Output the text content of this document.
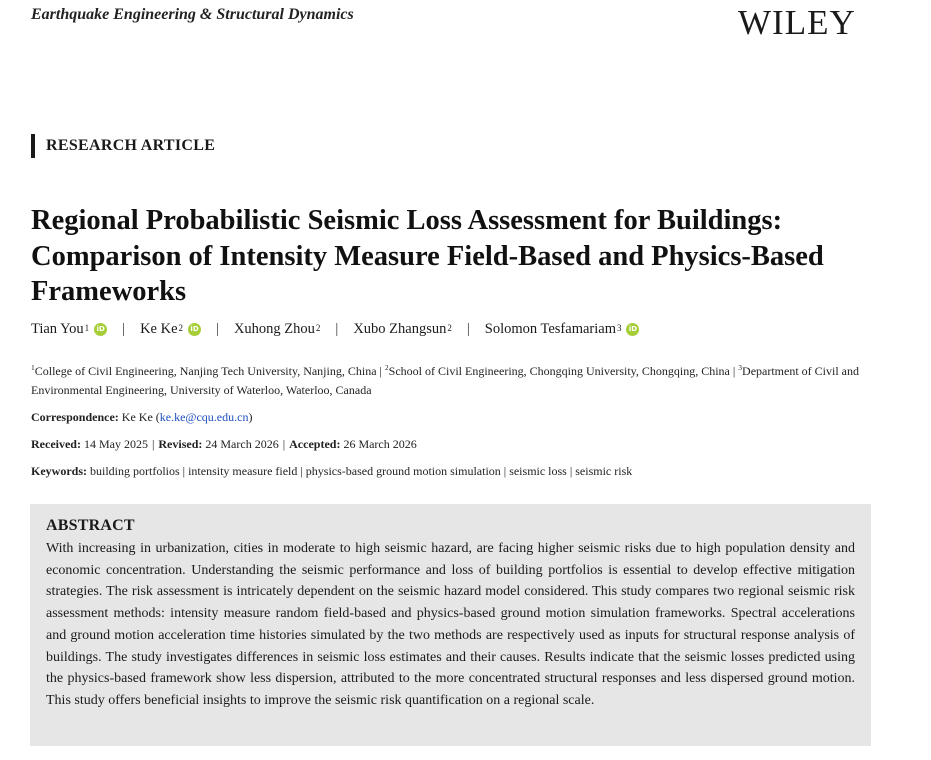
Earthquake Engineering & Structural Dynamics	WILEY
RESEARCH ARTICLE
Regional Probabilistic Seismic Loss Assessment for Buildings: Comparison of Intensity Measure Field-Based and Physics-Based Frameworks
Tian You$^1$	iD | Ke Ke$^2$	iD | Xuhong Zhou$^2$ | Xubo Zhangsun$^2$ | Solomon Tesfamariam$^3$	iD
$^1$College of Civil Engineering, Nanjing Tech University, Nanjing, China | $^2$School of Civil Engineering, Chongqing University, Chongqing, China | $^3$Department of Civil and Environmental Engineering, University of Waterloo, Waterloo, Canada
Correspondence: Ke Ke (ke.ke@cqu.edu.cn)
Received: 14 May 2025 | Revised: 24 March 2026 | Accepted: 26 March 2026
Keywords: building portfolios | intensity measure field | physics-based ground motion simulation | seismic loss | seismic risk
ABSTRACT

With increasing in urbanization, cities in moderate to high seismic hazard, are facing higher seismic risks due to high population density and economic concentration. Understanding the seismic performance and loss of building portfolios is essential to develop effective mitigation strategies. The risk assessment is intricately dependent on the seismic hazard model considered. This study compares two regional seismic risk assessment methods: intensity measure random field-based and physics-based ground motion simulation frameworks. Spectral accelerations and ground motion acceleration time histories simulated by the two methods are respectively used as inputs for structural response analysis of buildings. The study investigates differences in seismic loss estimates and their causes. Results indicate that the seismic losses predicted using the physics-based framework show less dispersion, attributed to the more concentrated structural responses and less dispersed ground motion. This study offers beneficial insights to improve the seismic risk quantification on a regional scale.
